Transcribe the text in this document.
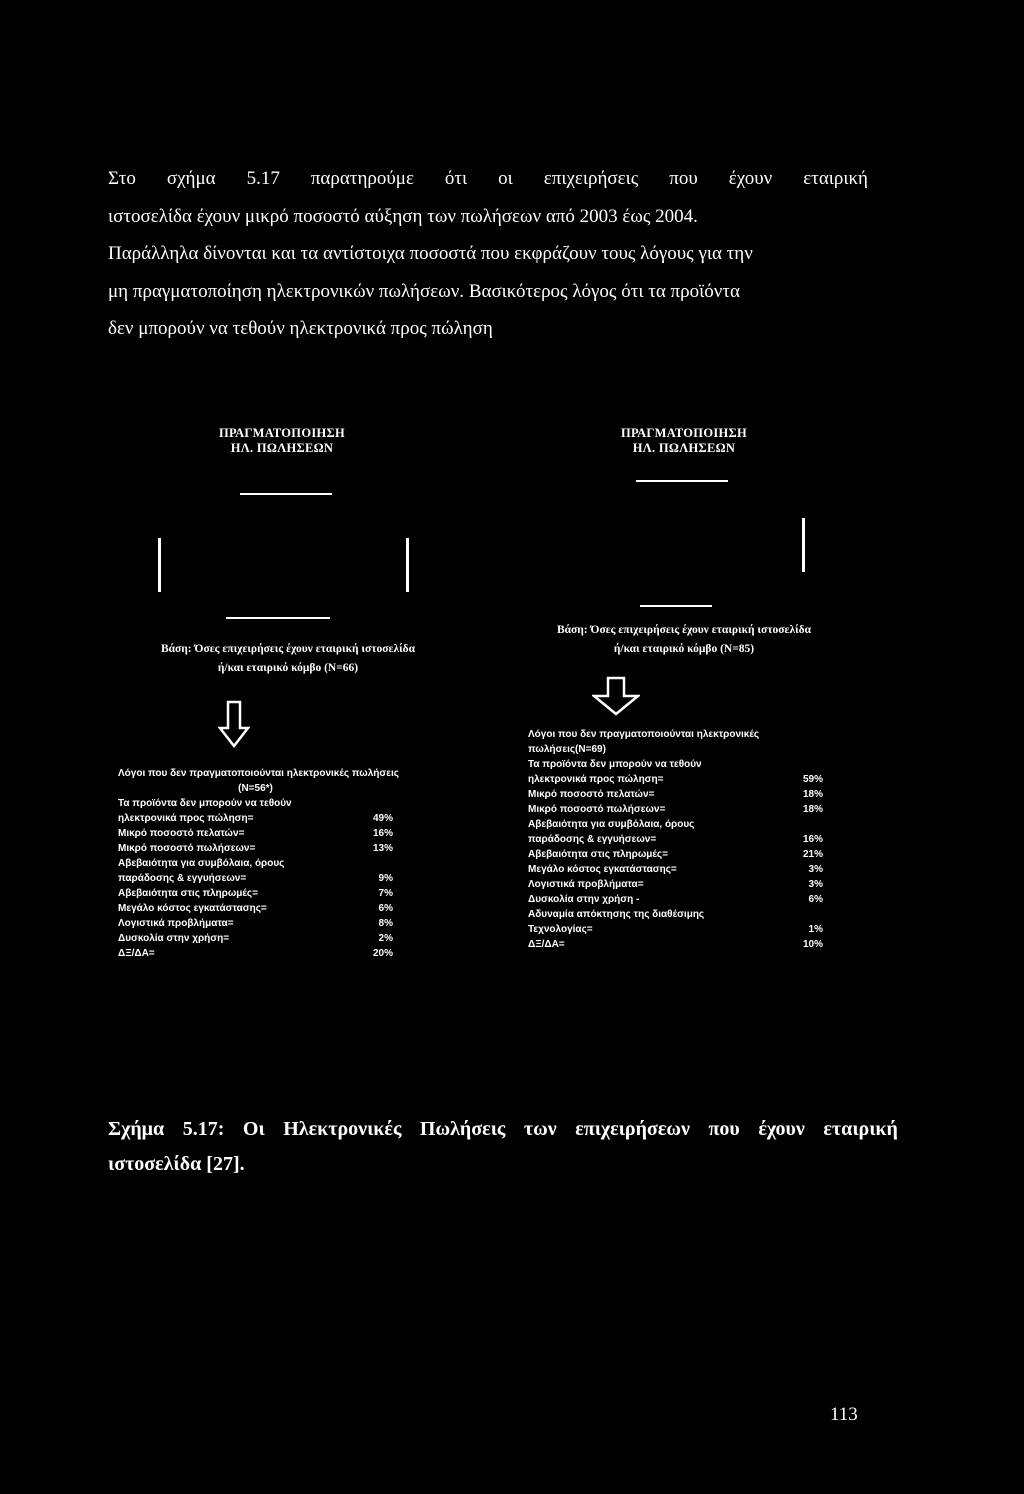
Στο σχήμα 5.17 παρατηρούμε ότι οι επιχειρήσεις που έχουν εταιρική
ιστοσελίδα έχουν μικρό ποσοστό αύξηση των πωλήσεων από 2003 έως 2004.
Παράλληλα δίνονται και τα αντίστοιχα ποσοστά που εκφράζουν τους λόγους για την
μη πραγματοποίηση ηλεκτρονικών πωλήσεων. Βασικότερος λόγος ότι τα προϊόντα
δεν μπορούν να τεθούν ηλεκτρονικά προς πώληση
ΠΡΑΓΜΑΤΟΠΟΙΗΣΗ
ΗΛ. ΠΩΛΗΣΕΩΝ
ΠΡΑΓΜΑΤΟΠΟΙΗΣΗ
ΗΛ. ΠΩΛΗΣΕΩΝ
Βάση: Όσες επιχειρήσεις έχουν εταιρική ιστοσελίδα
ή/και εταιρικό κόμβο (N=66)
Βάση: Όσες επιχειρήσεις έχουν εταιρική ιστοσελίδα
ή/και εταιρικό κόμβο (N=85)
Λόγοι που δεν πραγματοποιούνται ηλεκτρονικές πωλήσεις
(N=56*)
Τα προϊόντα δεν μπορούν να τεθούν
ηλεκτρονικά προς πώληση=	49%
Μικρό ποσοστό πελατών=	16%
Μικρό ποσοστό πωλήσεων=	13%
Αβεβαιότητα για συμβόλαια, όρους
παράδοσης & εγγυήσεων=	9%
Αβεβαιότητα στις πληρωμές=	7%
Μεγάλο κόστος εγκατάστασης=	6%
Λογιστικά προβλήματα=	8%
Δυσκολία στην χρήση=	2%
ΔΞ/ΔΑ=	20%
Λόγοι που δεν πραγματοποιούνται ηλεκτρονικές
πωλήσεις(N=69)
Τα προϊόντα δεν μπορούν να τεθούν
ηλεκτρονικά προς πώληση=	59%
Μικρό ποσοστό πελατών=	18%
Μικρό ποσοστό πωλήσεων=	18%
Αβεβαιότητα για συμβόλαια, όρους
παράδοσης & εγγυήσεων=	16%
Αβεβαιότητα στις πληρωμές=	21%
Μεγάλο κόστος εγκατάστασης=	3%
Λογιστικά προβλήματα=	3%
Δυσκολία στην χρήση -	6%
Αδυναμία απόκτησης της διαθέσιμης
Τεχνολογίας=	1%
ΔΞ/ΔΑ=	10%
Σχήμα 5.17: Οι Ηλεκτρονικές Πωλήσεις των επιχειρήσεων που έχουν εταιρική
ιστοσελίδα [27].
113
